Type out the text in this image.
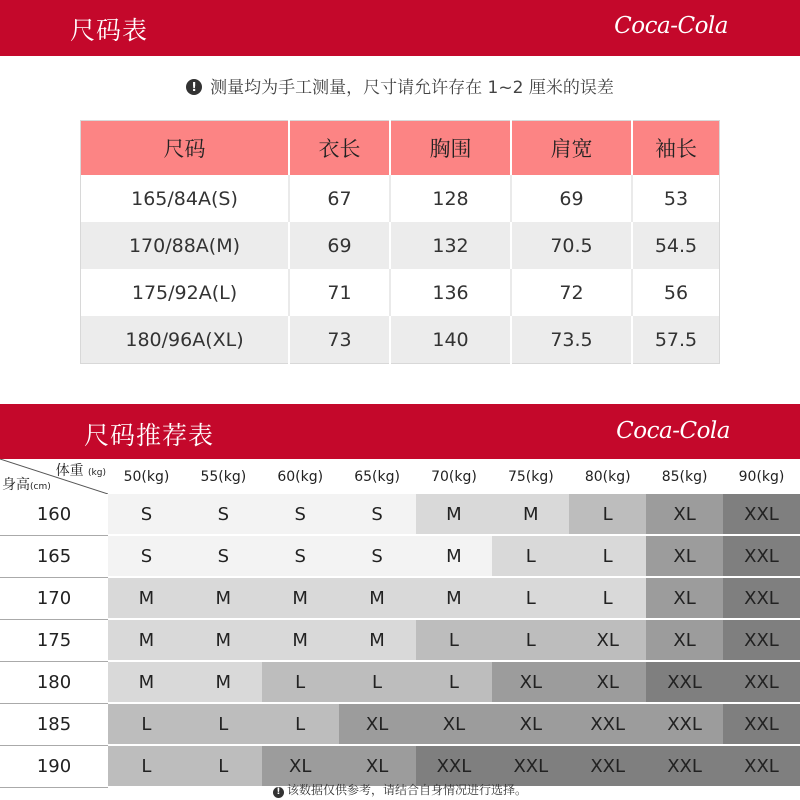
尺码表	Coca-Cola
! 测量均为手工测量，尺寸请允许存在 1~2 厘米的误差
尺码	衣长	胸围	肩宽	袖长
165/84A(S)	67	128	69	53
170/88A(M)	69	132	70.5	54.5
175/92A(L)	71	136	72	56
180/96A(XL)	73	140	73.5	57.5
尺码推荐表	Coca-Cola
体重 (kg)
身高(cm)	50(kg)	55(kg)	60(kg)	65(kg)	70(kg)	75(kg)	80(kg)	85(kg)	90(kg)
160	S	S	S	S	M	M	L	XL	XXL
165	S	S	S	S	M	L	L	XL	XXL
170	M	M	M	M	M	L	L	XL	XXL
175	M	M	M	M	L	L	XL	XL	XXL
180	M	M	L	L	L	XL	XL	XXL	XXL
185	L	L	L	XL	XL	XL	XXL	XXL	XXL
190	L	L	XL	XL	XXL	XXL	XXL	XXL	XXL
! 该数据仅供参考，请结合自身情况进行选择。
